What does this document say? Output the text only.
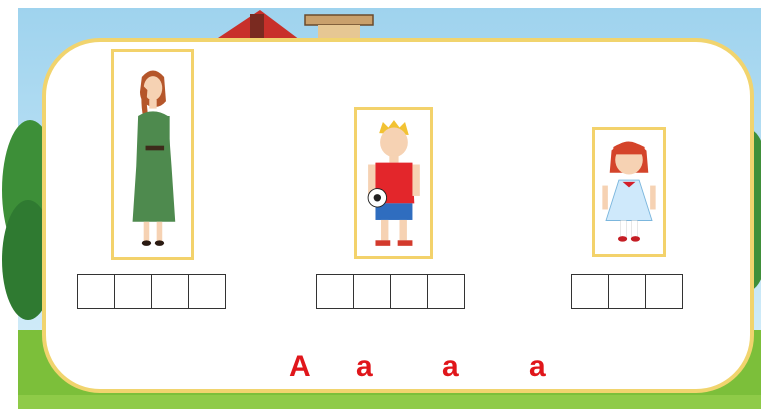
A a a a
